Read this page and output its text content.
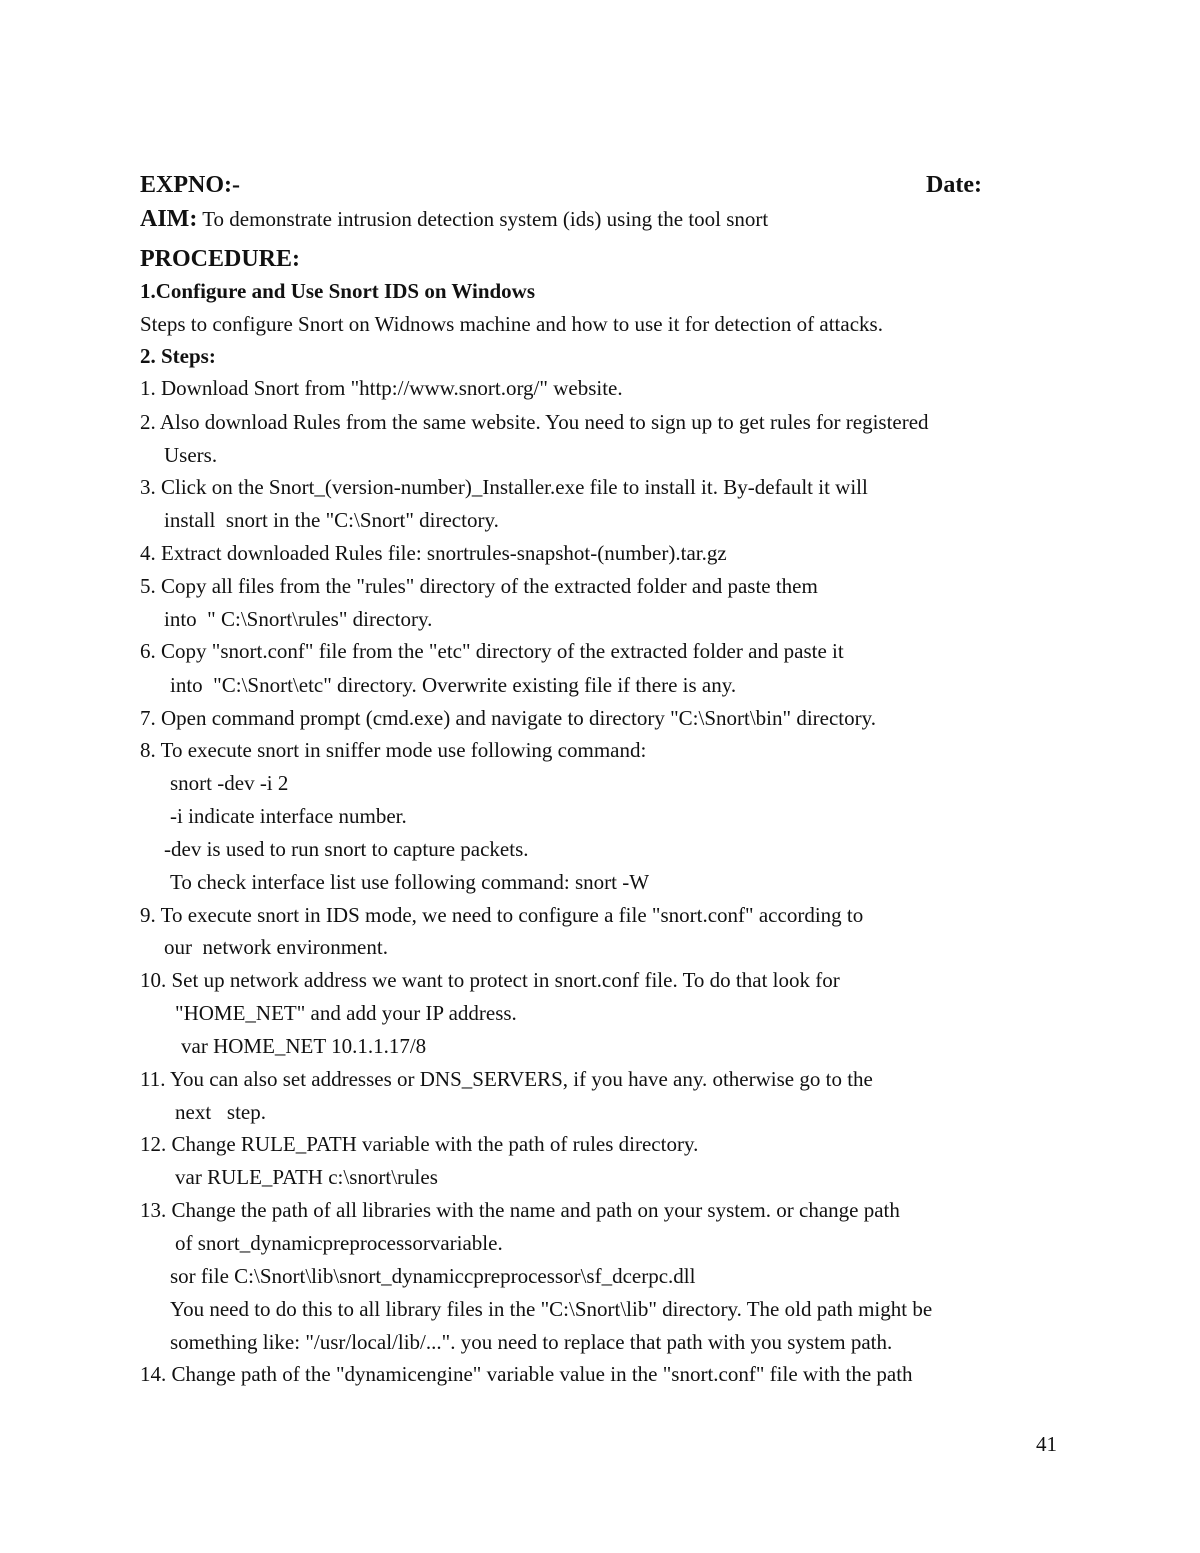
EXPNO:-	Date:
AIM: To demonstrate intrusion detection system (ids) using the tool snort
PROCEDURE:
1.Configure and Use Snort IDS on Windows
Steps to configure Snort on Widnows machine and how to use it for detection of attacks.
2. Steps:
1. Download Snort from "http://www.snort.org/" website.
2. Also download Rules from the same website. You need to sign up to get rules for registered
Users.
3. Click on the Snort_(version-number)_Installer.exe file to install it. By-default it will
install  snort in the "C:\Snort" directory.
4. Extract downloaded Rules file: snortrules-snapshot-(number).tar.gz
5. Copy all files from the "rules" directory of the extracted folder and paste them
into  " C:\Snort\rules" directory.
6. Copy "snort.conf" file from the "etc" directory of the extracted folder and paste it
into  "C:\Snort\etc" directory. Overwrite existing file if there is any.
7. Open command prompt (cmd.exe) and navigate to directory "C:\Snort\bin" directory.
8. To execute snort in sniffer mode use following command:
snort -dev -i 2
-i indicate interface number.
-dev is used to run snort to capture packets.
To check interface list use following command: snort -W
9. To execute snort in IDS mode, we need to configure a file "snort.conf" according to
our  network environment.
10. Set up network address we want to protect in snort.conf file. To do that look for
"HOME_NET" and add your IP address.
var HOME_NET 10.1.1.17/8
11. You can also set addresses or DNS_SERVERS, if you have any. otherwise go to the
next   step.
12. Change RULE_PATH variable with the path of rules directory.
var RULE_PATH c:\snort\rules
13. Change the path of all libraries with the name and path on your system. or change path
of snort_dynamicpreprocessorvariable.
sor file C:\Snort\lib\snort_dynamiccpreprocessor\sf_dcerpc.dll
You need to do this to all library files in the "C:\Snort\lib" directory. The old path might be
something like: "/usr/local/lib/...". you need to replace that path with you system path.
14. Change path of the "dynamicengine" variable value in the "snort.conf" file with the path
41
